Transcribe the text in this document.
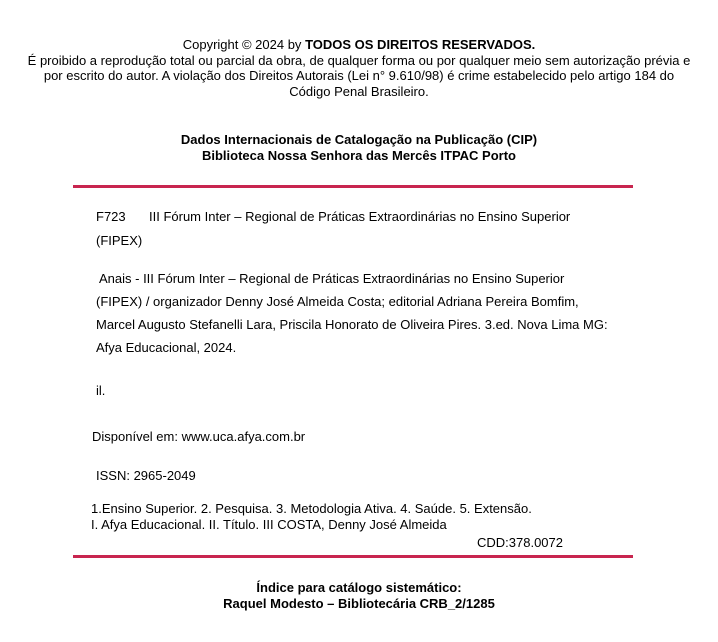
Copyright © 2024 by TODOS OS DIREITOS RESERVADOS.
É proibido a reprodução total ou parcial da obra, de qualquer forma ou por qualquer meio sem autorização prévia e
por escrito do autor. A violação dos Direitos Autorais (Lei n° 9.610/98) é crime estabelecido pelo artigo 184 do
Código Penal Brasileiro.
Dados Internacionais de Catalogação na Publicação (CIP)
Biblioteca Nossa Senhora das Mercês ITPAC Porto
F723 III Fórum Inter – Regional de Práticas Extraordinárias no Ensino Superior
(FIPEX)
Anais - III Fórum Inter – Regional de Práticas Extraordinárias no Ensino Superior
(FIPEX) / organizador Denny José Almeida Costa; editorial Adriana Pereira Bomfim,
Marcel Augusto Stefanelli Lara, Priscila Honorato de Oliveira Pires. 3.ed. Nova Lima MG:
Afya Educacional, 2024.
il.
Disponível em: www.uca.afya.com.br
ISSN: 2965-2049
1.Ensino Superior. 2. Pesquisa. 3. Metodologia Ativa. 4. Saúde. 5. Extensão.
I. Afya Educacional. II. Título. III COSTA, Denny José Almeida
CDD:378.0072
Índice para catálogo sistemático:
Raquel Modesto – Bibliotecária CRB_2/1285
